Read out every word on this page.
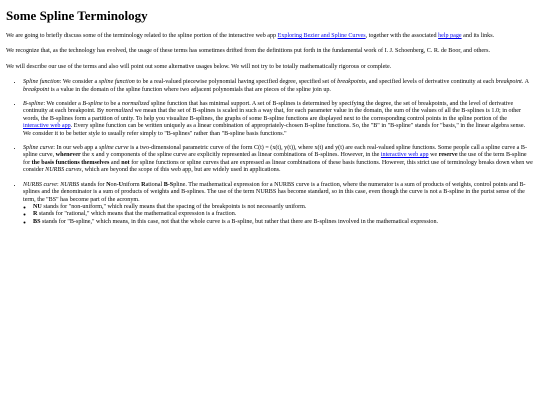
Some Spline Terminology

We are going to briefly discuss some of the terminology related to the spline portion of the interactive web app Exploring Bezier and Spline Curves, together with the associated help page and its links.

We recognize that, as the technology has evolved, the usage of these terms has sometimes drifted from the definitions put forth in the fundamental work of I. J. Schoenberg, C. R. de Boor, and others.

We will describe our use of the terms and also will point out some alternative usages below. We will not try to be totally mathematically rigorous or complete.

• Spline function: We consider a spline function to be a real-valued piecewise polynomial having specified degree, specified set of breakpoints, and specified levels of derivative continuity at each breakpoint. A breakpoint is a value in the domain of the spline function where two adjacent polynomials that are pieces of the spline join up.
• B-spline: We consider a B-spline to be a normalized spline function that has minimal support. A set of B-splines is determined by specifying the degree, the set of breakpoints, and the level of derivative continuity at each breakpoint. By normalized we mean that the set of B-splines is scaled in such a way that, for each parameter value in the domain, the sum of the values of all the B-splines is 1.0; in other words, the B-splines form a partition of unity. To help you visualize B-splines, the graphs of some B-spline functions are displayed next to the corresponding control points in the spline portion of the interactive web app. Every spline function can be written uniquely as a linear combination of appropriately-chosen B-spline functions. So, the "B" in "B-spline" stands for "basis," in the linear algebra sense. We consider it to be better style to usually refer simply to "B-splines" rather than "B-spline basis functions."
• Spline curve: In our web app a spline curve is a two-dimensional parametric curve of the form C(t) = (x(t), y(t)), where x(t) and y(t) are each real-valued spline functions. Some people call a spline curve a B-spline curve, whenever the x and y components of the spline curve are explicitly represented as linear combinations of B-splines. However, in the interactive web app we reserve the use of the term B-spline for the basis functions themselves and not for spline functions or spline curves that are expressed as linear combinations of these basis functions. However, this strict use of terminology breaks down when we consider NURBS curves, which are beyond the scope of this web app, but are widely used in applications.
• NURBS curve: NURBS stands for Non-Uniform Rational B-Spline. The mathematical expression for a NURBS curve is a fraction, where the numerator is a sum of products of weights, control points and B-splines and the denominator is a sum of products of weights and B-splines. The use of the term NURBS has become standard, so in this case, even though the curve is not a B-spline in the purist sense of the term, the "BS" has become part of the acronym.
◦ NU stands for "non-uniform," which really means that the spacing of the breakpoints is not necessarily uniform.
◦ R stands for "rational," which means that the mathematical expression is a fraction.
◦ BS stands for "B-spline," which means, in this case, not that the whole curve is a B-spline, but rather that there are B-splines involved in the mathematical expression.
